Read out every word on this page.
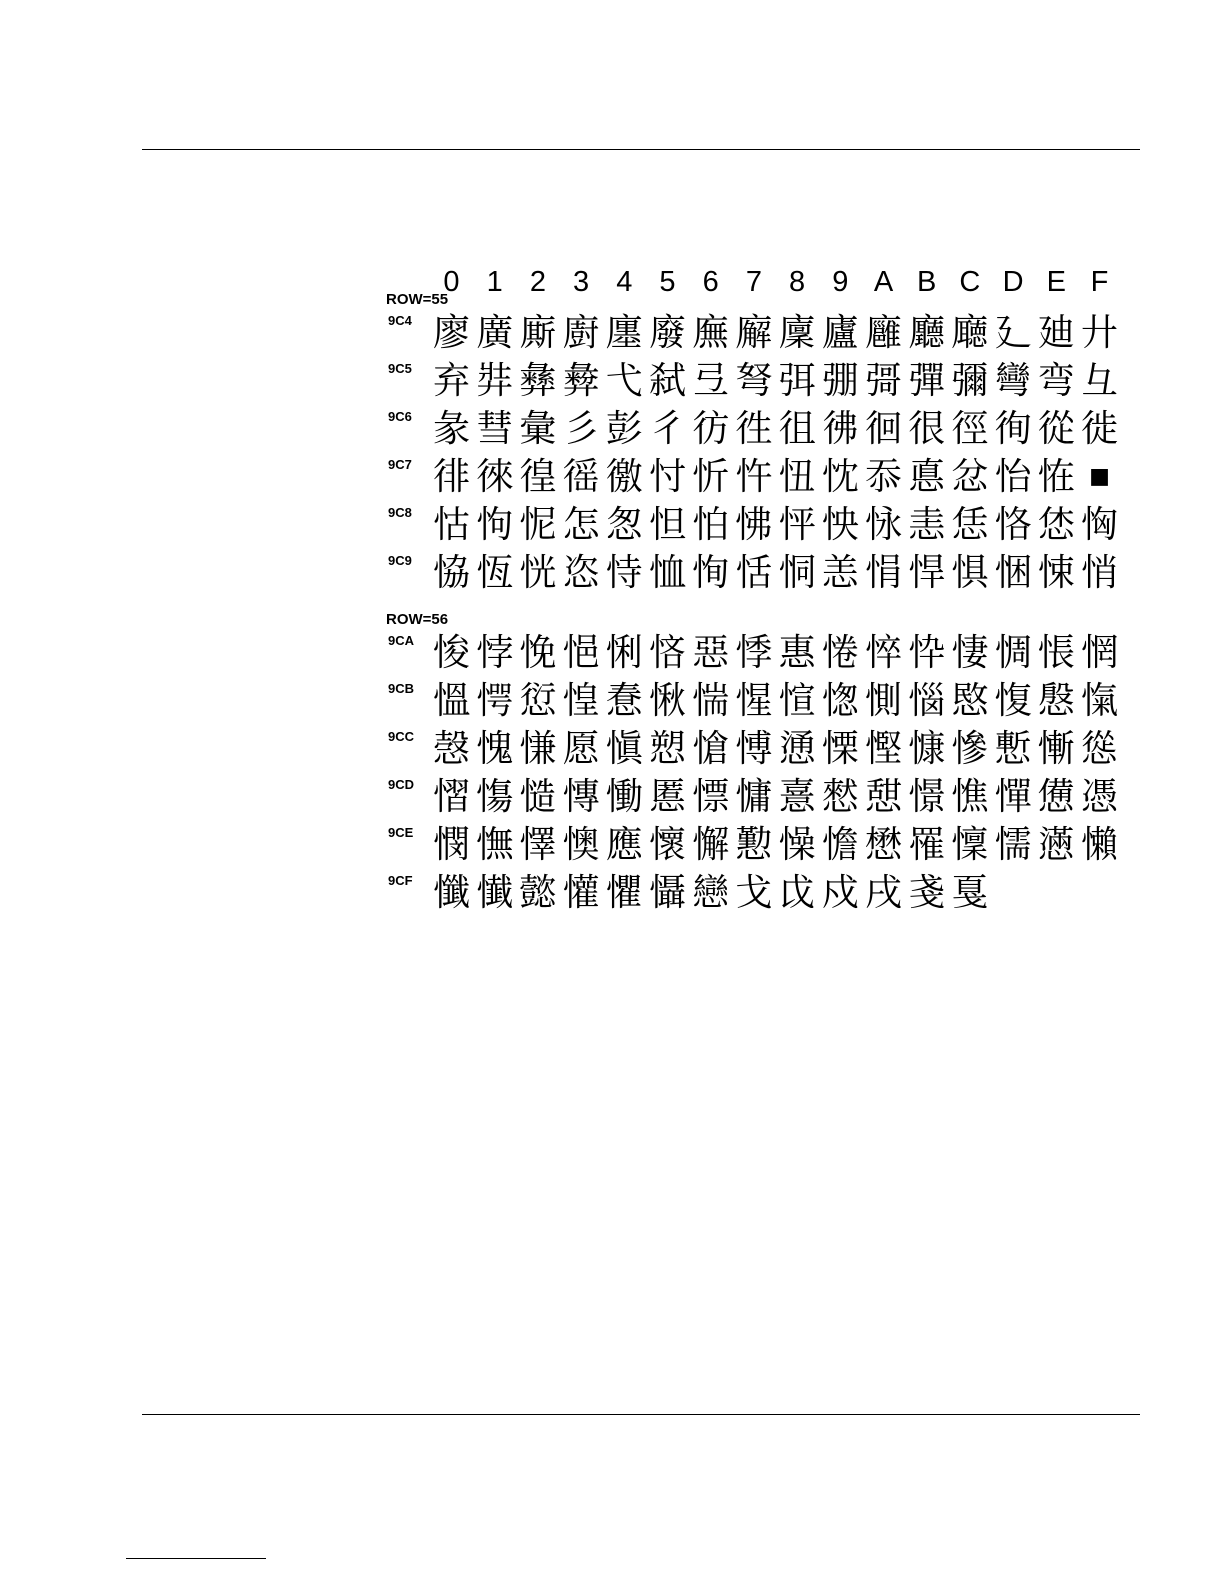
0 1 2 3 4 5 6 7 8 9 A B C D E F
ROW=55
9C4 廖 廣 廝 廚 廛 廢 廡 廨 廩 廬 廱 廳 廰 廴 廸 廾
9C5 弃 弉 彝 彜 弋 弑 弖 弩 弭 弸 彁 彈 彌 彎 弯 彑
9C6 彖 彗 彙 彡 彭 彳 彷 徃 徂 彿 徊 很 徑 徇 從 徙
9C7 徘 徠 徨 徭 徼 忖 忻 忤 忸 忱 忝 悳 忿 怡 恠 ■
9C8 怙 怐 怩 怎 怱 怛 怕 怫 怦 怏 怺 恚 恁 恪 恷 恟
9C9 恊 恆 恍 恣 恃 恤 恂 恬 恫 恙 悁 悍 惧 悃 悚 悄
ROW=56
9CA 悛 悖 悗 悒 悧 悋 惡 悸 惠 惓 悴 忰 悽 惆 悵 惘
9CB 慍 愕 愆 惶 惷 愀 惴 惺 愃 愡 惻 惱 愍 愎 慇 愾
9CC 愨 愧 慊 愿 愼 愬 愴 愽 慂 慄 慳 慷 慘 慙 慚 慫
9CD 慴 慯 慥 慱 慟 慝 慓 慵 憙 憖 憇 憬 憔 憚 憊 憑
9CE 憫 憮 懌 懊 應 懷 懈 懃 懆 憺 懋 罹 懍 懦 懣 懶
9CF 懺 懴 懿 懽 懼 懾 戀 戈 戉 戍 戌 戔 戛
